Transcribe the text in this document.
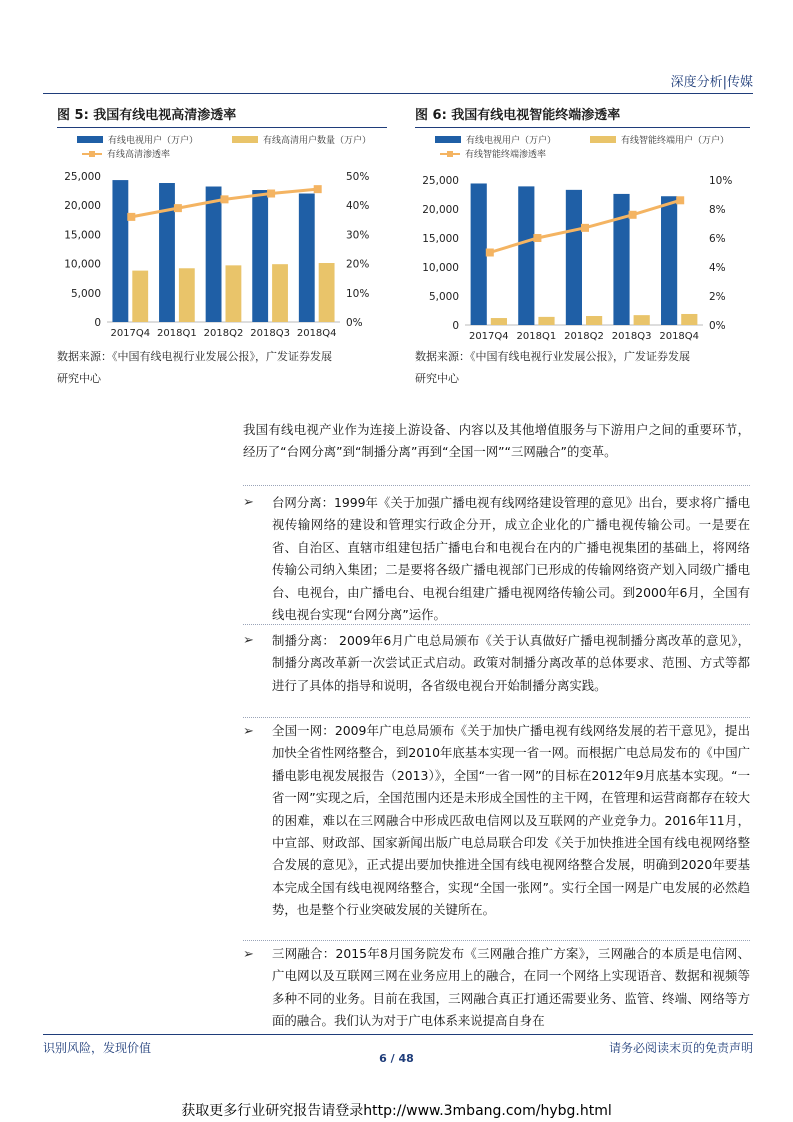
深度分析|传媒
图 5: 我国有线电视高清渗透率
有线电视用户（万户）	有线高清用户数量（万户）
有线高清渗透率
0
5,000
10,000
15,000
20,000
25,000
0%
10%
20%
30%
40%
50%
2017Q4 2018Q1 2018Q2 2018Q3 2018Q4
数据来源：《中国有线电视行业发展公报》，广发证券发展
研究中心
图 6: 我国有线电视智能终端渗透率
有线电视用户（万户）	有线智能终端用户（万户）
有线智能终端渗透率
0
5,000
10,000
15,000
20,000
25,000
0%
2%
4%
6%
8%
10%
2017Q4 2018Q1 2018Q2 2018Q3 2018Q4
数据来源：《中国有线电视行业发展公报》，广发证券发展
研究中心
我国有线电视产业作为连接上游设备、内容以及其他增值服务与下游用户之间的重要环节，经历了“台网分离”到“制播分离”再到“全国一网”“三网融合”的变革。
➢ 台网分离：1999年《关于加强广播电视有线网络建设管理的意见》出台，要求将广播电视传输网络的建设和管理实行政企分开，成立企业化的广播电视传输公司。一是要在省、自治区、直辖市组建包括广播电台和电视台在内的广播电视集团的基础上，将网络传输公司纳入集团；二是要将各级广播电视部门已形成的传输网络资产划入同级广播电台、电视台，由广播电台、电视台组建广播电视网络传输公司。到2000年6月，全国有线电视台实现“台网分离”运作。
➢ 制播分离： 2009年6月广电总局颁布《关于认真做好广播电视制播分离改革的意见》，制播分离改革新一次尝试正式启动。政策对制播分离改革的总体要求、范围、方式等都进行了具体的指导和说明，各省级电视台开始制播分离实践。
➢ 全国一网：2009年广电总局颁布《关于加快广播电视有线网络发展的若干意见》，提出加快全省性网络整合，到2010年底基本实现一省一网。而根据广电总局发布的《中国广播电影电视发展报告（2013）》，全国“一省一网”的目标在2012年9月底基本实现。“一省一网”实现之后，全国范围内还是未形成全国性的主干网，在管理和运营商都存在较大的困难，难以在三网融合中形成匹敌电信网以及互联网的产业竞争力。2016年11月，中宣部、财政部、国家新闻出版广电总局联合印发《关于加快推进全国有线电视网络整合发展的意见》，正式提出要加快推进全国有线电视网络整合发展，明确到2020年要基本完成全国有线电视网络整合，实现“全国一张网”。实行全国一网是广电发展的必然趋势，也是整个行业突破发展的关键所在。
➢ 三网融合：2015年8月国务院发布《三网融合推广方案》，三网融合的本质是电信网、广电网以及互联网三网在业务应用上的融合，在同一个网络上实现语音、数据和视频等多种不同的业务。目前在我国，三网融合真正打通还需要业务、监管、终端、网络等方面的融合。我们认为对于广电体系来说提高自身在
识别风险，发现价值	请务必阅读末页的免责声明
6 / 48
获取更多行业研究报告请登录http://www.3mbang.com/hybg.html
